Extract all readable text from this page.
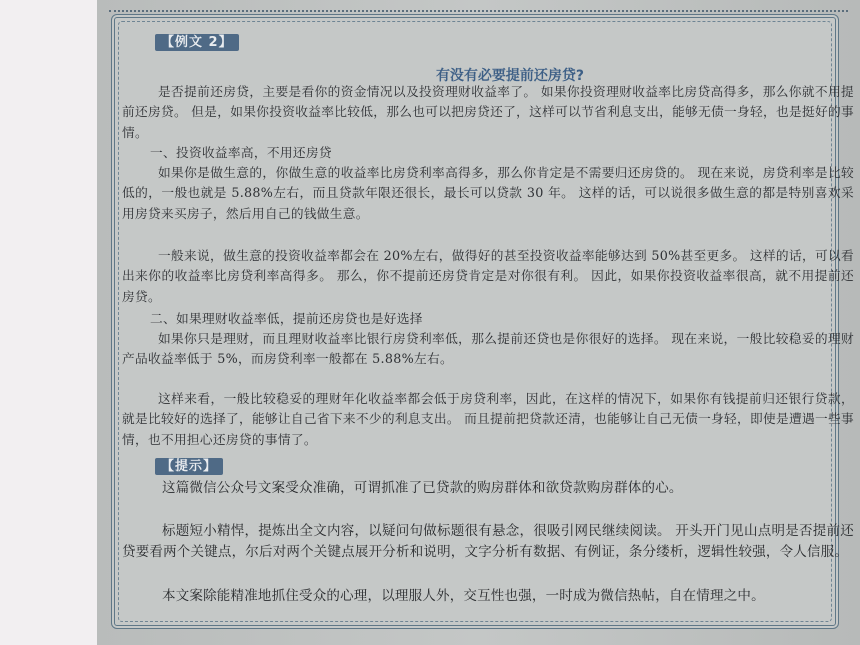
【例文 2】
有没有必要提前还房贷?

是否提前还房贷，主要是看你的资金情况以及投资理财收益率了。 如果你投资理财收益率比房贷高得多，那么你就不用提前还房贷。 但是，如果你投资收益率比较低，那么也可以把房贷还了，这样可以节省利息支出，能够无债一身轻，也是挺好的事情。

一、投资收益率高，不用还房贷

如果你是做生意的，你做生意的收益率比房贷利率高得多，那么你肯定是不需要归还房贷的。 现在来说，房贷利率是比较低的，一般也就是 5.88%左右，而且贷款年限还很长，最长可以贷款 30 年。 这样的话，可以说很多做生意的都是特别喜欢采用房贷来买房子，然后用自己的钱做生意。

一般来说，做生意的投资收益率都会在 20%左右，做得好的甚至投资收益率能够达到 50%甚至更多。 这样的话，可以看出来你的收益率比房贷利率高得多。 那么，你不提前还房贷肯定是对你很有利。 因此，如果你投资收益率很高，就不用提前还房贷。

二、如果理财收益率低，提前还房贷也是好选择

如果你只是理财，而且理财收益率比银行房贷利率低，那么提前还贷也是你很好的选择。 现在来说，一般比较稳妥的理财产品收益率低于 5%，而房贷利率一般都在 5.88%左右。

这样来看，一般比较稳妥的理财年化收益率都会低于房贷利率，因此，在这样的情况下，如果你有钱提前归还银行贷款，就是比较好的选择了，能够让自己省下来不少的利息支出。 而且提前把贷款还清，也能够让自己无债一身轻，即使是遭遇一些事情，也不用担心还房贷的事情了。

【提示】

这篇微信公众号文案受众准确，可谓抓准了已贷款的购房群体和欲贷款购房群体的心。

标题短小精悍，提炼出全文内容，以疑问句做标题很有悬念，很吸引网民继续阅读。 开头开门见山点明是否提前还贷要看两个关键点，尔后对两个关键点展开分析和说明，文字分析有数据、有例证，条分缕析，逻辑性较强，令人信服。

本文案除能精准地抓住受众的心理，以理服人外，交互性也强，一时成为微信热帖，自在情理之中。
